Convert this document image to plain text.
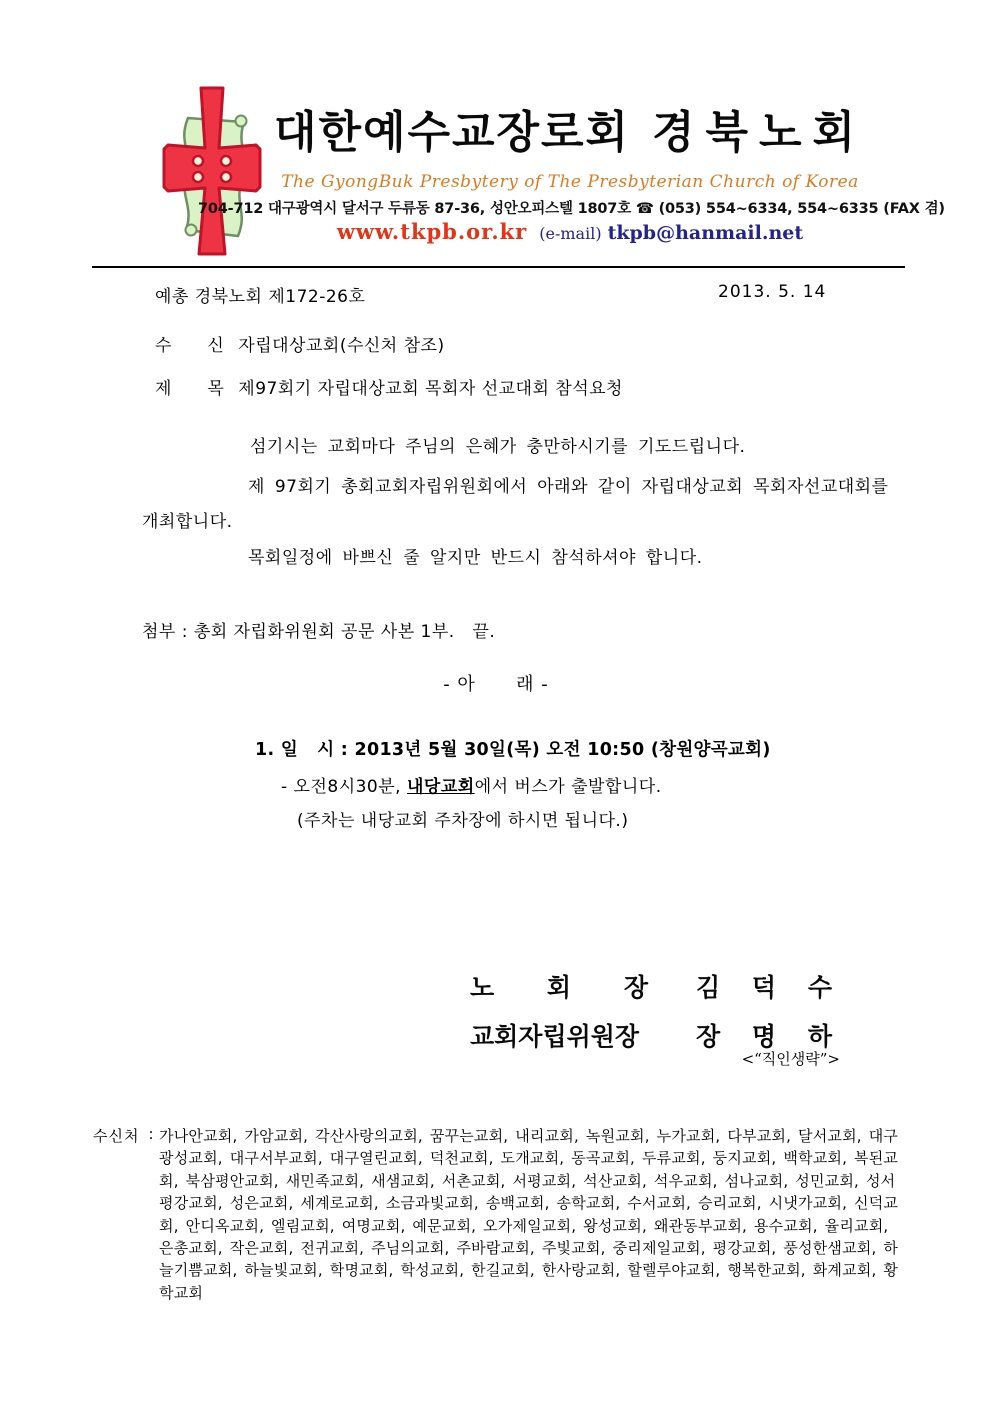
대한예수교장로회 경북노회
The GyongBuk Presbytery of The Presbyterian Church of Korea
704-712 대구광역시 달서구 두류동 87-36, 성안오피스텔 1807호 ☎ (053) 554~6334, 554~6335 (FAX 겸)
www.tkpb.or.kr (e-mail) tkpb@hanmail.net
예총 경북노회 제172-26호	2013. 5. 14
수      신 자립대상교회(수신처 참조)
제      목 제97회기 자립대상교회 목회자 선교대회 참석요청
섬기시는 교회마다 주님의 은혜가 충만하시기를 기도드립니다.
제 97회기 총회교회자립위원회에서 아래와 같이 자립대상교회 목회자선교대회를 개최합니다.
목회일정에 바쁘신 줄 알지만 반드시 참석하셔야 합니다.
첨부 : 총회 자립화위원회 공문 사본 1부.   끝.
- 아      래 -
1. 일   시 : 2013년 5월 30일(목) 오전 10:50 (창원양곡교회)
- 오전8시30분, 내당교회에서 버스가 출발합니다.
(주차는 내당교회 주차장에 하시면 됩니다.)
노 회 장 김 덕 수
교회자립위원장	장 명 하
<“직인생략”>
수신처 : 가나안교회, 가암교회, 각산사랑의교회, 꿈꾸는교회, 내리교회, 녹원교회, 누가교회, 다부교회, 달서교회, 대구광성교회, 대구서부교회, 대구열린교회, 덕천교회, 도개교회, 동곡교회, 두류교회, 둥지교회, 백학교회, 복된교회, 북삼평안교회, 새민족교회, 새샘교회, 서촌교회, 서평교회, 석산교회, 석우교회, 섬나교회, 성민교회, 성서평강교회, 성은교회, 세계로교회, 소금과빛교회, 송백교회, 송학교회, 수서교회, 승리교회, 시냇가교회, 신덕교회, 안디옥교회, 엘림교회, 여명교회, 예문교회, 오가제일교회, 왕성교회, 왜관동부교회, 용수교회, 율리교회, 은총교회, 작은교회, 전귀교회, 주님의교회, 주바람교회, 주빛교회, 중리제일교회, 평강교회, 풍성한샘교회, 하늘기쁨교회, 하늘빛교회, 학명교회, 학성교회, 한길교회, 한사랑교회, 할렐루야교회, 행복한교회, 화계교회, 황학교회
